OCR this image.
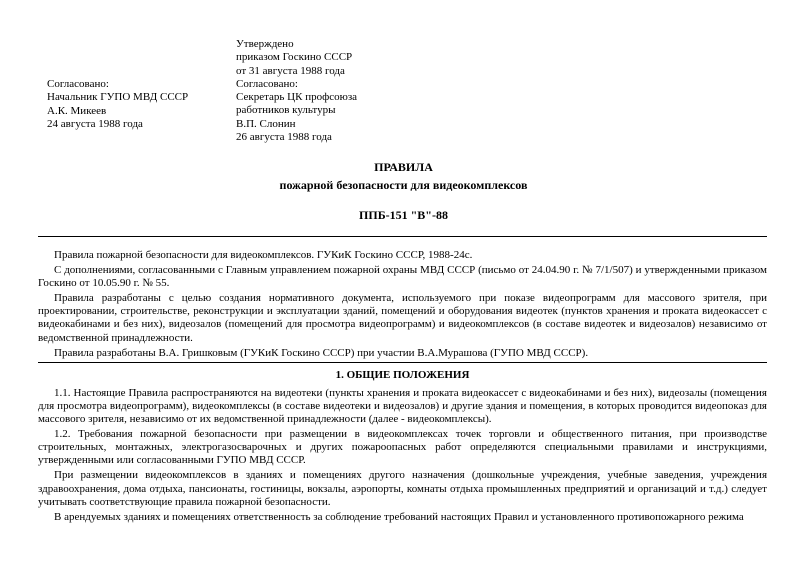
Утверждено
приказом Госкино СССР
от 31 августа 1988 года
Согласовано:
Секретарь ЦК профсоюза
работников культуры
В.П. Слонин
26 августа 1988 года
Согласовано:
Начальник ГУПО МВД СССР
А.К. Микеев
24 августа 1988 года
ПРАВИЛА
пожарной безопасности для видеокомплексов
ППБ-151 "В"-88

Правила пожарной безопасности для видеокомплексов. ГУКиК Госкино СССР, 1988-24с.

С дополнениями, согласованными с Главным управлением пожарной охраны МВД СССР (письмо от 24.04.90 г. № 7/1/507) и утвержденными приказом Госкино от 10.05.90 г. № 55.

Правила разработаны с целью создания нормативного документа, используемого при показе видеопрограмм для массового зрителя, при проектировании, строительстве, реконструкции и эксплуатации зданий, помещений и оборудования видеотек (пунктов хранения и проката видеокассет с видеокабинами и без них), видеозалов (помещений для просмотра видеопрограмм) и видеокомплексов (в составе видеотек и видеозалов) независимо от ведомственной принадлежности.

Правила разработаны В.А. Гришковым (ГУКиК Госкино СССР) при участии В.А.Мурашова (ГУПО МВД СССР).

1. ОБЩИЕ ПОЛОЖЕНИЯ

1.1. Настоящие Правила распространяются на видеотеки (пункты хранения и проката видеокассет с видеокабинами и без них), видеозалы (помещения для просмотра видеопрограмм), видеокомплексы (в составе видеотеки и видеозалов) и другие здания и помещения, в которых проводится видеопоказ для массового зрителя, независимо от их ведомственной принадлежности (далее - видеокомплексы).

1.2. Требования пожарной безопасности при размещении в видеокомплексах точек торговли и общественного питания, при производстве строительных, монтажных, электрогазосварочных и других пожароопасных работ определяются специальными правилами и инструкциями, утвержденными или согласованными ГУПО МВД СССР.

При размещении видеокомплексов в зданиях и помещениях другого назначения (дошкольные учреждения, учебные заведения, учреждения здравоохранения, дома отдыха, пансионаты, гостиницы, вокзалы, аэропорты, комнаты отдыха промышленных предприятий и организаций и т.д.) следует учитывать соответствующие правила пожарной безопасности.

В арендуемых зданиях и помещениях ответственность за соблюдение требований настоящих Правил и установленного противопожарного режима
